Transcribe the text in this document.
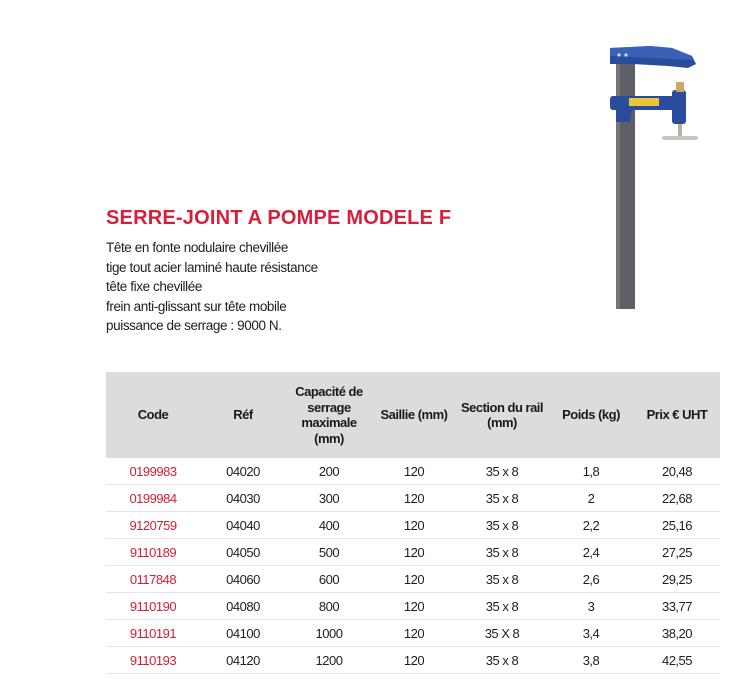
SERRE-JOINT A POMPE MODELE F
Tête en fonte nodulaire chevillée
tige tout acier laminé haute résistance
tête fixe chevillée
frein anti-glissant sur tête mobile
puissance de serrage : 9000 N.
Code	Réf	Capacité de serrage maximale (mm)	Saillie (mm)	Section du rail (mm)	Poids (kg)	Prix € UHT
0199983	04020	200	120	35 x 8	1,8	20,48
0199984	04030	300	120	35 x 8	2	22,68
9120759	04040	400	120	35 x 8	2,2	25,16
9110189	04050	500	120	35 x 8	2,4	27,25
0117848	04060	600	120	35 x 8	2,6	29,25
9110190	04080	800	120	35 x 8	3	33,77
9110191	04100	1000	120	35 X 8	3,4	38,20
9110193	04120	1200	120	35 x 8	3,8	42,55
